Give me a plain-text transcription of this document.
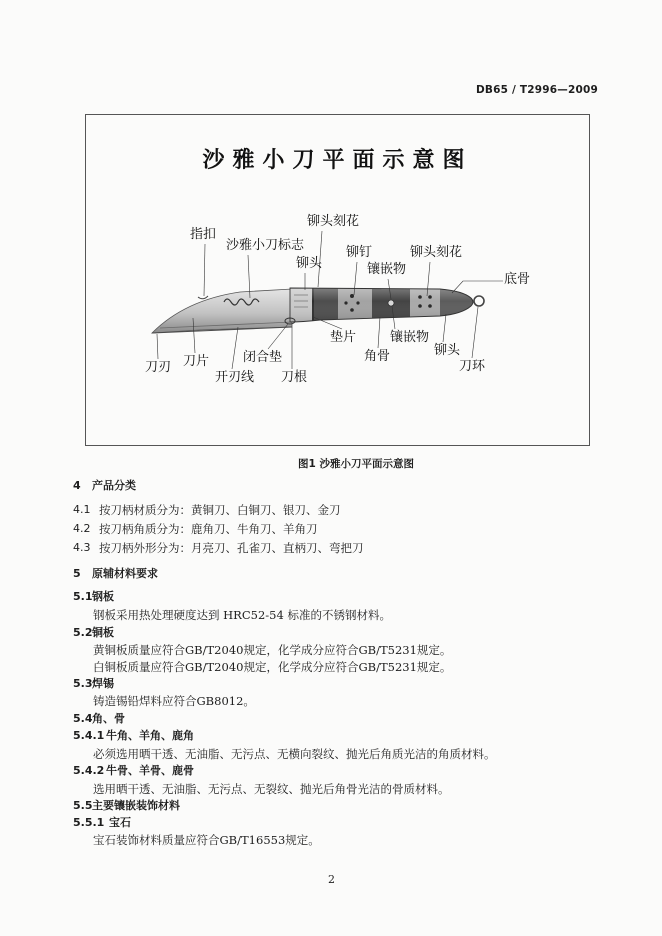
DB65 / T2996—2009
沙雅小刀平面示意图
铆头刻花
指扣
沙雅小刀标志	铆钉	铆头刻花
铆头	镶嵌物
底骨
垫片	镶嵌物
角骨	铆头
刀刃 刀片	闭合垫
刀环
开刃线 刀根
图1 沙雅小刀平面示意图
4 产品分类
4.1 按刀柄材质分为：黄铜刀、白铜刀、银刀、金刀
4.2 按刀柄角质分为：鹿角刀、牛角刀、羊角刀
4.3 按刀柄外形分为：月亮刀、孔雀刀、直柄刀、弯把刀
5 原辅材料要求
5.1 钢板
钢板采用热处理硬度达到 HRC52-54 标准的不锈钢材料。
5.2 铜板
黄铜板质量应符合GB/T2040规定，化学成分应符合GB/T5231规定。
白铜板质量应符合GB/T2040规定，化学成分应符合GB/T5231规定。
5.3 焊锡
铸造锡铅焊料应符合GB8012。
5.4 角、骨
5.4.1 牛角、羊角、鹿角
必须选用晒干透、无油脂、无污点、无横向裂纹、抛光后角质光洁的角质材料。
5.4.2 牛骨、羊骨、鹿骨
选用晒干透、无油脂、无污点、无裂纹、抛光后角骨光洁的骨质材料。
5.5 主要镶嵌装饰材料
5.5.1 宝石
宝石装饰材料质量应符合GB/T16553规定。
2
